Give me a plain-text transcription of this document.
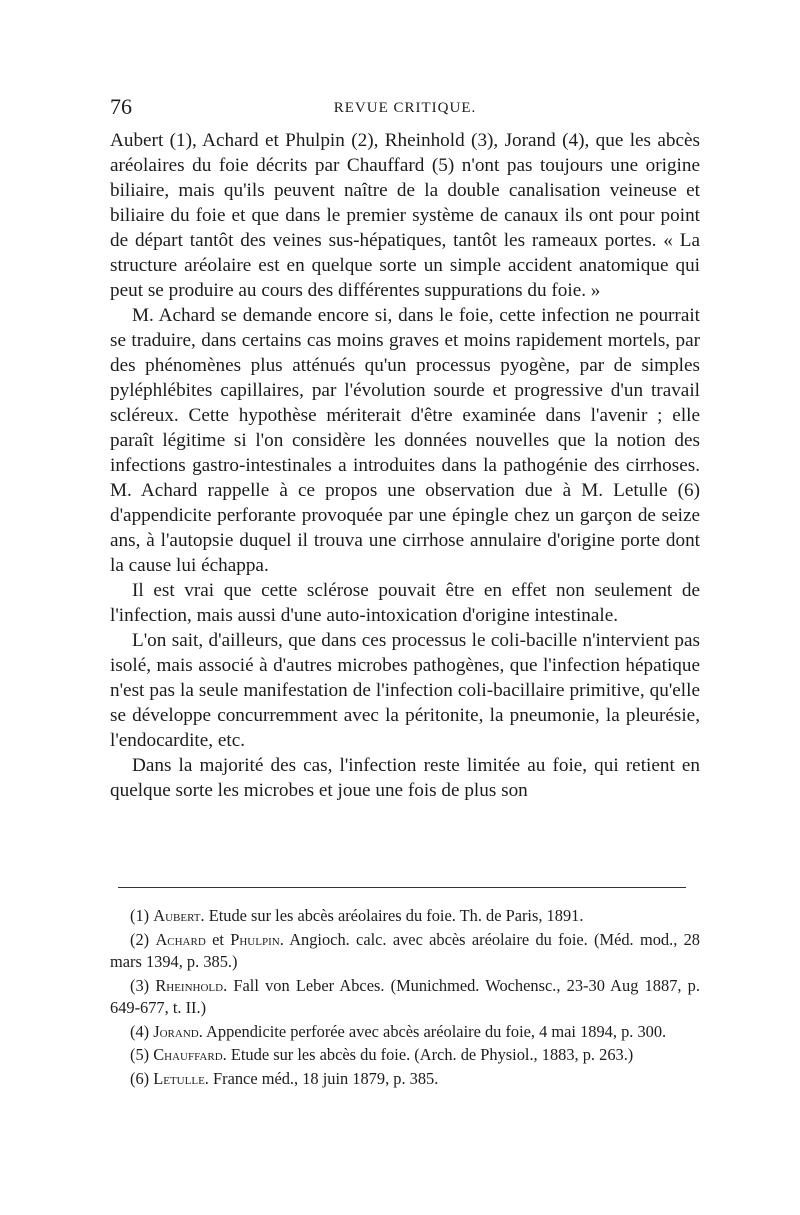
76	REVUE CRITIQUE.

Aubert (1), Achard et Phulpin (2), Rheinhold (3), Jorand (4), que les abcès aréolaires du foie décrits par Chauffard (5) n'ont pas toujours une origine biliaire, mais qu'ils peuvent naître de la double canalisation veineuse et biliaire du foie et que dans le premier système de canaux ils ont pour point de départ tantôt des veines sus-hépatiques, tantôt les rameaux portes. « La structure aréolaire est en quelque sorte un simple accident anatomique qui peut se produire au cours des différentes suppurations du foie. »

M. Achard se demande encore si, dans le foie, cette infection ne pourrait se traduire, dans certains cas moins graves et moins rapidement mortels, par des phénomènes plus atténués qu'un processus pyogène, par de simples pyléphlébites capillaires, par l'évolution sourde et progressive d'un travail scléreux. Cette hypothèse mériterait d'être examinée dans l'avenir ; elle paraît légitime si l'on considère les données nouvelles que la notion des infections gastro-intestinales a introduites dans la pathogénie des cirrhoses. M. Achard rappelle à ce propos une observation due à M. Letulle (6) d'appendicite perforante provoquée par une épingle chez un garçon de seize ans, à l'autopsie duquel il trouva une cirrhose annulaire d'origine porte dont la cause lui échappa.

Il est vrai que cette sclérose pouvait être en effet non seulement de l'infection, mais aussi d'une auto-intoxication d'origine intestinale.

L'on sait, d'ailleurs, que dans ces processus le coli-bacille n'intervient pas isolé, mais associé à d'autres microbes pathogènes, que l'infection hépatique n'est pas la seule manifestation de l'infection coli-bacillaire primitive, qu'elle se développe concurremment avec la péritonite, la pneumonie, la pleurésie, l'endocardite, etc.

Dans la majorité des cas, l'infection reste limitée au foie, qui retient en quelque sorte les microbes et joue une fois de plus son

(1) Aubert. Etude sur les abcès aréolaires du foie. Th. de Paris, 1891.

(2) Achard et Phulpin. Angioch. calc. avec abcès aréolaire du foie. (Méd. mod., 28 mars 1394, p. 385.)

(3) Rheinhold. Fall von Leber Abces. (Munichmed. Wochensc., 23-30 Aug 1887, p. 649-677, t. II.)

(4) Jorand. Appendicite perforée avec abcès aréolaire du foie, 4 mai 1894, p. 300.

(5) Chauffard. Etude sur les abcès du foie. (Arch. de Physiol., 1883, p. 263.)

(6) Letulle. France méd., 18 juin 1879, p. 385.
